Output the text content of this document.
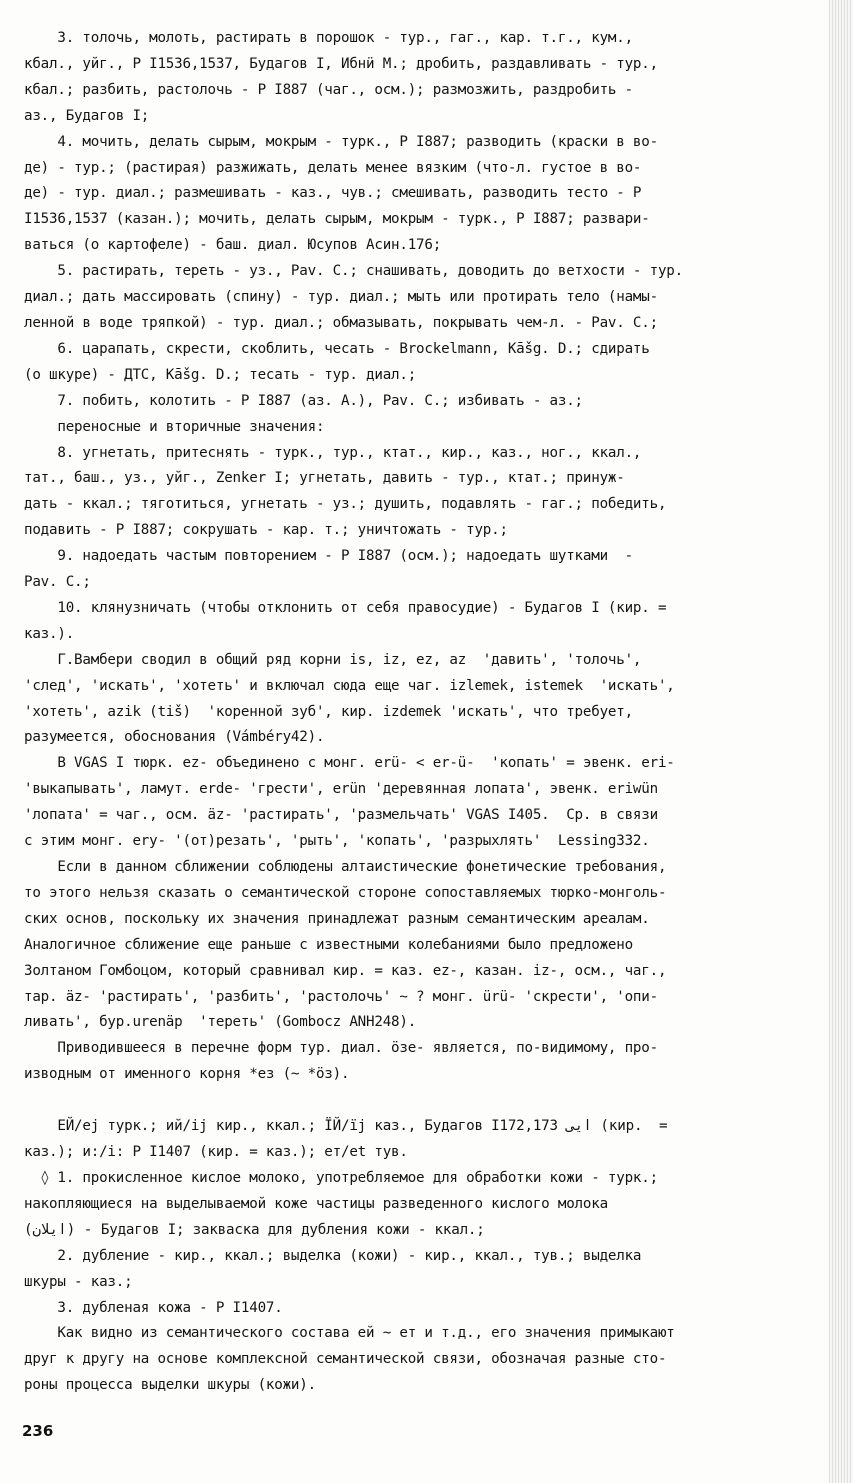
3. толочь, молоть, растирать в порошок - тур., гаг., кар. т.г., кум.,
кбал., уйг., Р I1536,1537, Будагов I, Ибнӥ М.; дробить, раздавливать - тур.,
кбал.; разбить, растолочь - Р I887 (чаг., осм.); размозжить, раздробить -
аз., Будагов I;
4. мочить, делать сырым, мокрым - турк., Р I887; разводить (краски в во-
де) - тур.; (растирая) разжижать, делать менее вязким (что-л. густое в во-
де) - тур. диал.; размешивать - каз., чув.; смешивать, разводить тесто - Р
I1536,1537 (казан.); мочить, делать сырым, мокрым - турк., Р I887; развари-
ваться (о картофеле) - баш. диал. Юсупов Асин.176;
5. растирать, тереть - уз., Pav. C.; снашивать, доводить до ветхости - тур.
диал.; дать массировать (спину) - тур. диал.; мыть или протирать тело (намы-
ленной в воде тряпкой) - тур. диал.; обмазывать, покрывать чем-л. - Pav. C.;
6. царапать, скрести, скоблить, чесать - Brockelmann, Kāšg. D.; сдирать
(о шкуре) - ДТС, Kāšg. D.; тесать - тур. диал.;
7. побить, колотить - Р I887 (аз. А.), Pav. C.; избивать - аз.;
переносные и вторичные значения:
8. угнетать, притеснять - турк., тур., ктат., кир., каз., ног., ккал.,
тат., баш., уз., уйг., Zenker I; угнетать, давить - тур., ктат.; принуж-
дать - ккал.; тяготиться, угнетать - уз.; душить, подавлять - гаг.; победить,
подавить - Р I887; сокрушать - кар. т.; уничтожать - тур.;
9. надоедать частым повторением - Р I887 (осм.); надоедать шутками  -
Pav. C.;
10. клянузничать (чтобы отклонить от себя правосудие) - Будагов I (кир. =
каз.).
Г.Вамбери сводил в общий ряд корни is, iz, ez, az  'давить', 'толочь',
'след', 'искать', 'хотеть' и включал сюда еще чаг. izlemek, istemek  'искать',
'хотеть', azik (tiš)  'коренной зуб', кир. izdemek 'искать', что требует,
разумеется, обоснования (Vámbéry42).
В VGAS I тюрк. ez- объединено с монг. erü- < er-ü-  'копать' = эвенк. eri-
'выкапывать', ламут. erde- 'грести', erün 'деревянная лопата', эвенк. eriwün
'лопата' = чаг., осм. äz- 'растирать', 'размельчать' VGAS I405.  Ср. в связи
с этим монг. ery- '(от)резать', 'рыть', 'копать', 'разрыхлять'  Lessing332.
Если в данном сближении соблюдены алтаистические фонетические требования,
то этого нельзя сказать о семантической стороне сопоставляемых тюрко-монголь-
ских основ, поскольку их значения принадлежат разным семантическим ареалам.
Аналогичное сближение еще раньше с известными колебаниями было предложено
Золтаном Гомбоцом, который сравнивал кир. = каз. ez-, казан. iz-, осм., чаг.,
тар. äz- 'растирать', 'разбить', 'растолочь' ~ ? монг. ürü- 'скрести', 'опи-
ливать', бур.urenäp  'тереть' (Gombocz ANH248).
Приводившееся в перечне форм тур. диал. öзе- является, по-видимому, про-
изводным от именного корня *ез (~ *öз).
ЕЙ/еј турк.; ий/ij кир., ккал.; ЇЙ/їј каз., Будагов I172,173 ایی (кир.  =
каз.); и:/і: Р I1407 (кир. = каз.); ет/et тув.
◊ 1. прокисленное кислое молоко, употребляемое для обработки кожи - турк.;
накопляющиеся на выделываемой коже частицы разведенного кислого молока
(ایلان) - Будагов I; закваска для дубления кожи - ккал.;
2. дубление - кир., ккал.; выделка (кожи) - кир., ккал., тув.; выделка
шкуры - каз.;
3. дубленая кожа - Р I1407.
Как видно из семантического состава ей ~ ет и т.д., его значения примыкают
друг к другу на основе комплексной семантической связи, обозначая разные сто-
роны процесса выделки шкуры (кожи).
236
